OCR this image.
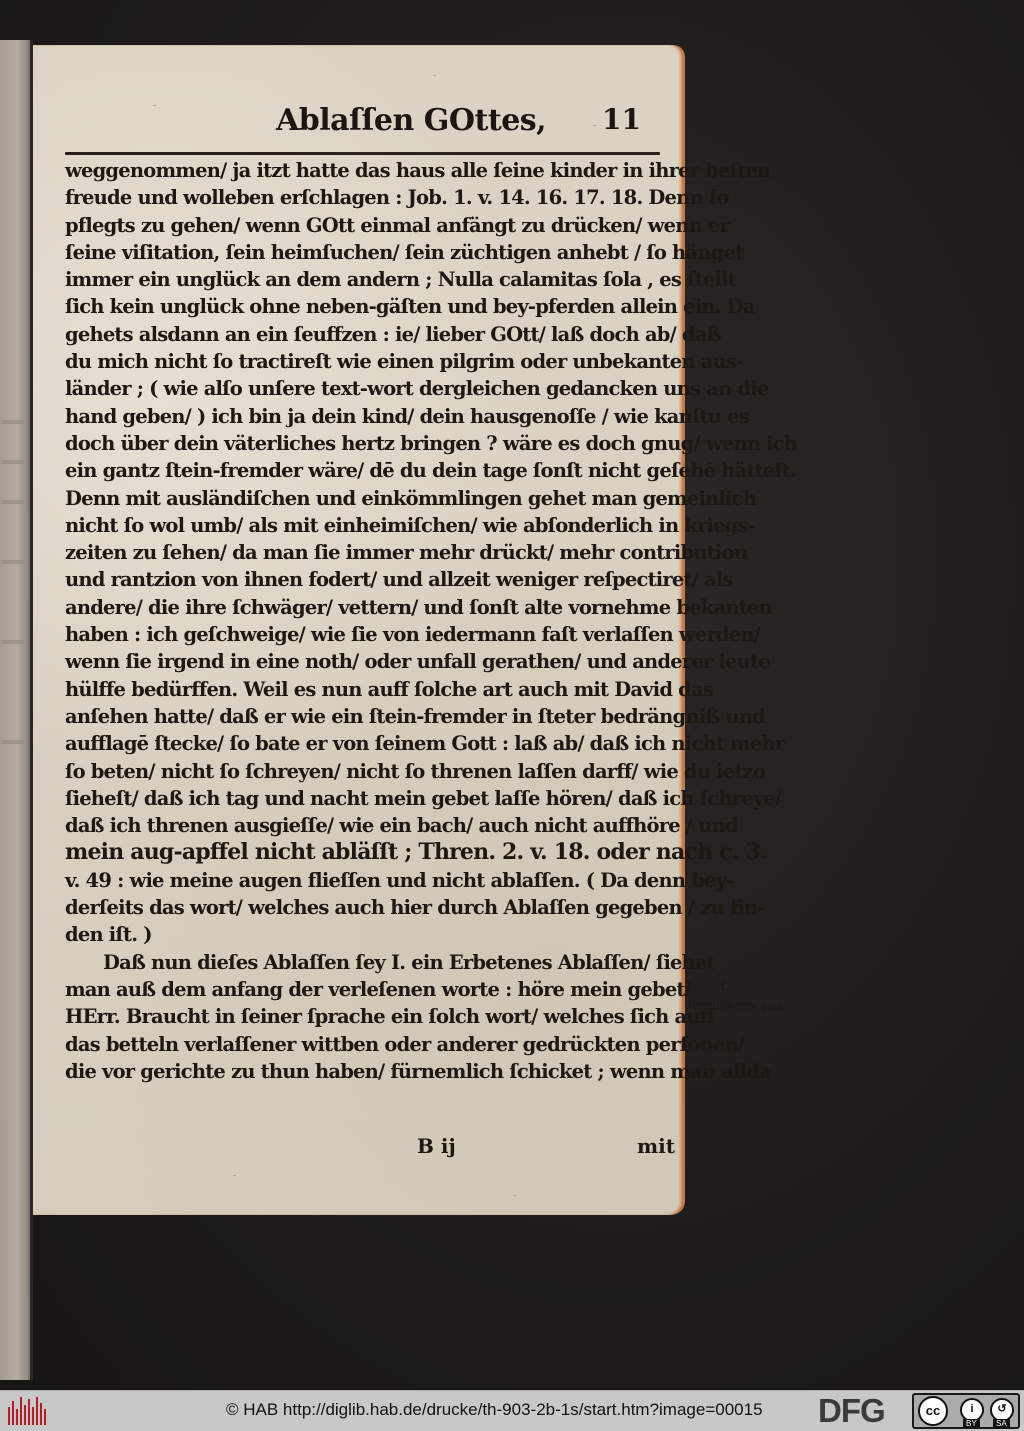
Ablaſſen GOttes, 11
weggenommen/ ja itzt hatte das haus alle ſeine kinder in ihrer beſten
freude und wolleben erſchlagen : Job. 1. v. 14. 16. 17. 18. Denn ſo
pflegts zu gehen/ wenn GOtt einmal anfängt zu drücken/ wenn er
ſeine viſitation, ſein heimſuchen/ ſein züchtigen anhebt / ſo hänget
immer ein unglück an dem andern ; Nulla calamitas ſola , es ſtellt
ſich kein unglück ohne neben-gäſten und bey-pferden allein ein. Da
gehets alsdann an ein ſeuffzen : ie/ lieber GOtt/ laß doch ab/ daß
du mich nicht ſo tractireſt wie einen pilgrim oder unbekanten aus-
länder ; ( wie alſo unſere text-wort dergleichen gedancken uns an die
hand geben/ ) ich bin ja dein kind/ dein hausgenoſſe / wie kanſtu es
doch über dein väterliches hertz bringen ? wäre es doch gnug/ wenn ich
ein gantz ſtein-fremder wäre/ dē du dein tage ſonſt nicht geſehē hätteſt.
Denn mit ausländiſchen und einkömmlingen gehet man gemeinlich
nicht ſo wol umb/ als mit einheimiſchen/ wie abſonderlich in kriegs-
zeiten zu ſehen/ da man ſie immer mehr drückt/ mehr contribution
und rantzion von ihnen fodert/ und allzeit weniger reſpectiret/ als
andere/ die ihre ſchwäger/ vettern/ und ſonſt alte vornehme bekanten
haben : ich geſchweige/ wie ſie von iedermann faſt verlaſſen werden/
wenn ſie irgend in eine noth/ oder unfall gerathen/ und anderer leute
hülffe bedürffen. Weil es nun auff ſolche art auch mit David das
anſehen hatte/ daß er wie ein ſtein-fremder in ſteter bedrängniß und
aufflagē ſtecke/ ſo bate er von ſeinem Gott : laß ab/ daß ich nicht mehr
ſo beten/ nicht ſo ſchreyen/ nicht ſo threnen laſſen darff/ wie du ietzo
ſieheſt/ daß ich tag und nacht mein gebet laſſe hören/ daß ich ſchreye/
daß ich threnen ausgieſſe/ wie ein bach/ auch nicht auffhöre / und
mein aug-apffel nicht abläſſt ; Thren. 2. v. 18. oder nach c. 3.
v. 49 : wie meine augen flieſſen und nicht ablaſſen. ( Da denn bey-
derſeits das wort/ welches auch hier durch Ablaſſen gegeben / zu fin-
den iſt. )
Daß nun dieſes Ablaſſen ſey I. ein Erbetenes Ablaſſen/ ſiehet
man auß dem anfang der verleſenen worte : höre mein gebet/
HErr. Braucht in ſeiner ſprache ein ſolch wort/ welches ſich auff
das betteln verlaſſener wittben oder anderer gedrückten perſonen/
die vor gerichte zu thun haben/ fürnemlich ſchicket ; wenn man allda
B ij	mit
I.
Remiſſio ero- gata.
© HAB http://diglib.hab.de/drucke/th-903-2b-1s/start.htm?image=00015 DFG	cc	i	↺
BY	SA
